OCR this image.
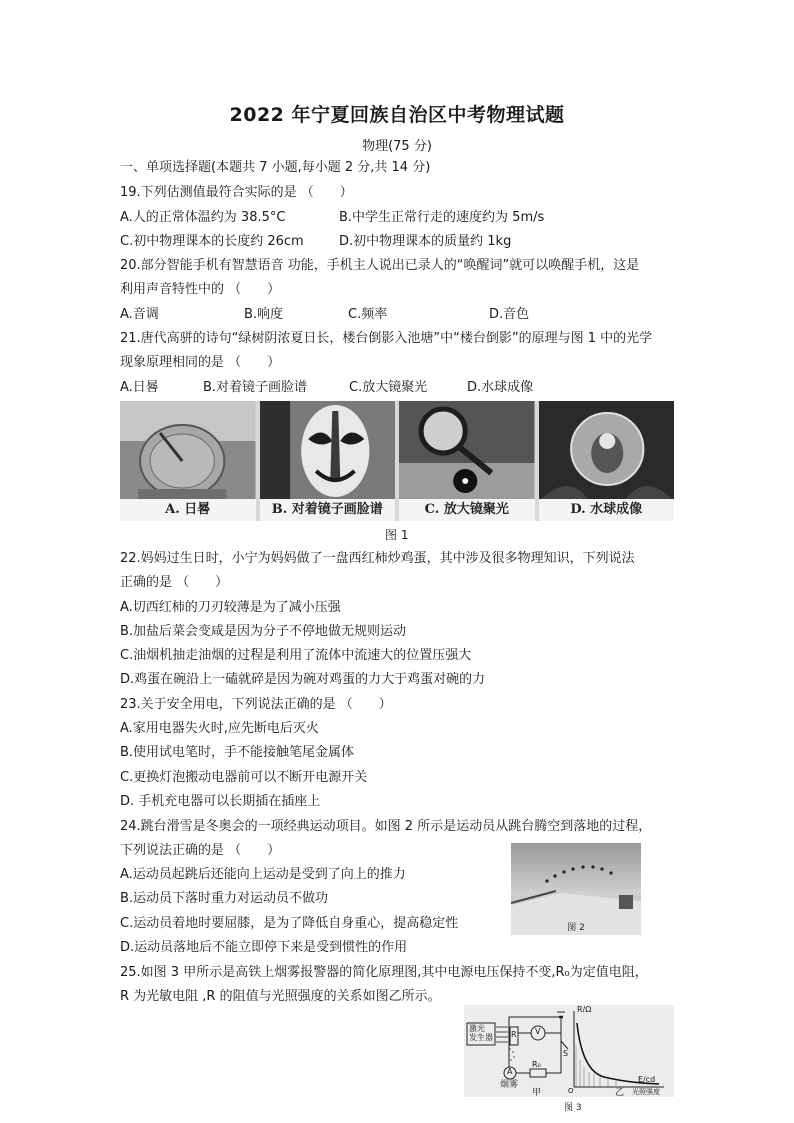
2022 年宁夏回族自治区中考物理试题
物理(75 分)
一、单项选择题(本题共 7 小题,每小题 2 分,共 14 分)
19.下列估测值最符合实际的是 （　　）
A.人的正常体温约为 38.5°C	B.中学生正常行走的速度约为 5m/s
C.初中物理课本的长度约 26cm	D.初中物理课本的质量约 1kg
20.部分智能手机有智慧语音 功能，手机主人说出已录人的“唤醒词”就可以唤醒手机，这是
利用声音特性中的 （　　）
A.音调	B.响度	C.频率	D.音色
21.唐代高骈的诗句“绿树阴浓夏日长，楼台倒影入池塘”中“楼台倒影”的原理与图 1 中的光学
现象原理相同的是 （　　）
A.日晷	B.对着镜子画脸谱	C.放大镜聚光	D.水球成像
A. 日晷	B. 对着镜子画脸谱	C. 放大镜聚光	D. 水球成像
图 1
22.妈妈过生日时，小宁为妈妈做了一盘西红柿炒鸡蛋，其中涉及很多物理知识，下列说法
正确的是 （　　）
A.切西红柿的刀刃较薄是为了减小压强
B.加盐后菜会变咸是因为分子不停地做无规则运动
C.油烟机抽走油烟的过程是利用了流体中流速大的位置压强大
D.鸡蛋在碗沿上一磕就碎是因为碗对鸡蛋的力大于鸡蛋对碗的力
23.关于安全用电，下列说法正确的是 （　　）
A.家用电器失火时,应先断电后灭火
B.使用试电笔时，手不能接触笔尾金属体
C.更换灯泡搬动电器前可以不断开电源开关
D. 手机充电器可以长期插在插座上
24.跳台滑雪是冬奥会的一项经典运动项目。如图 2 所示是运动员从跳台腾空到落地的过程，
下列说法正确的是 （　　）
A.运动员起跳后还能向上运动是受到了向上的推力
B.运动员下落时重力对运动员不做功
C.运动员着地时要屈膝，是为了降低自身重心，提高稳定性
D.运动员落地后不能立即停下来是受到惯性的作用
图 2
25.如图 3 甲所示是高铁上烟雾报警器的简化原理图,其中电源电压保持不变,R₀为定值电阻，
R 为光敏电阻 ,R 的阻值与光照强度的关系如图乙所示。
激光
发生器
烟雾
甲
R V
A
R₀
S
O
R/Ω
E/cd
光照强度
乙
图 3
